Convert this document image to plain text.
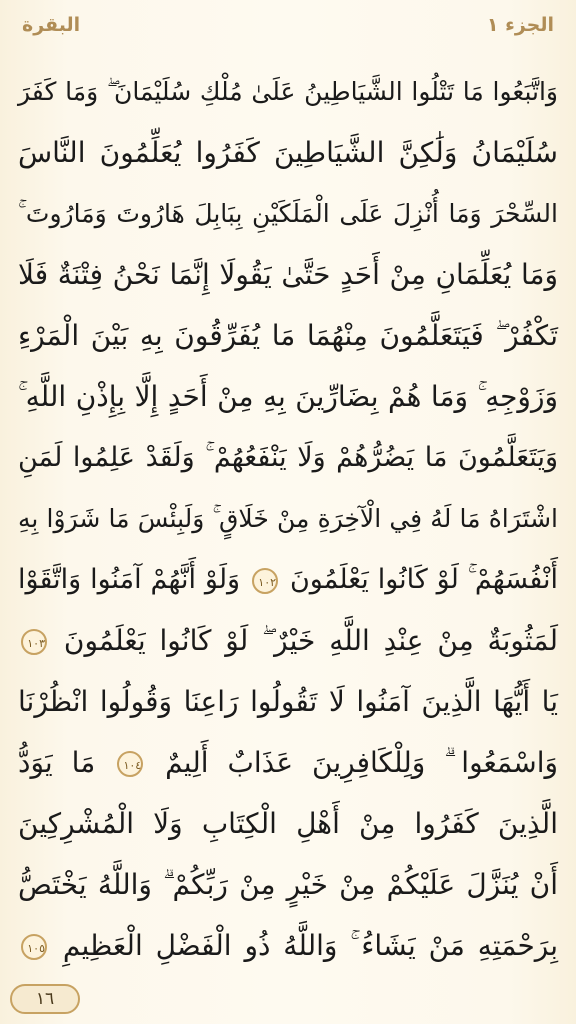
الجزء ١
البقرة
وَاتَّبَعُوا مَا تَتْلُوا الشَّيَاطِينُ عَلَىٰ مُلْكِ سُلَيْمَانَ ۖ وَمَا كَفَرَ
سُلَيْمَانُ وَلَٰكِنَّ الشَّيَاطِينَ كَفَرُوا يُعَلِّمُونَ النَّاسَ
السِّحْرَ وَمَا أُنْزِلَ عَلَى الْمَلَكَيْنِ بِبَابِلَ هَارُوتَ وَمَارُوتَ ۚ
وَمَا يُعَلِّمَانِ مِنْ أَحَدٍ حَتَّىٰ يَقُولَا إِنَّمَا نَحْنُ فِتْنَةٌ فَلَا
تَكْفُرْ ۖ فَيَتَعَلَّمُونَ مِنْهُمَا مَا يُفَرِّقُونَ بِهِ بَيْنَ الْمَرْءِ
وَزَوْجِهِ ۚ وَمَا هُمْ بِضَارِّينَ بِهِ مِنْ أَحَدٍ إِلَّا بِإِذْنِ اللَّهِ ۚ
وَيَتَعَلَّمُونَ مَا يَضُرُّهُمْ وَلَا يَنْفَعُهُمْ ۚ وَلَقَدْ عَلِمُوا لَمَنِ
اشْتَرَاهُ مَا لَهُ فِي الْآخِرَةِ مِنْ خَلَاقٍ ۚ وَلَبِئْسَ مَا شَرَوْا بِهِ
أَنْفُسَهُمْ ۚ لَوْ كَانُوا يَعْلَمُونَ ١٠٢ وَلَوْ أَنَّهُمْ آمَنُوا وَاتَّقَوْا
لَمَثُوبَةٌ مِنْ عِنْدِ اللَّهِ خَيْرٌ ۖ لَوْ كَانُوا يَعْلَمُونَ ١٠٣
يَا أَيُّهَا الَّذِينَ آمَنُوا لَا تَقُولُوا رَاعِنَا وَقُولُوا انْظُرْنَا
وَاسْمَعُوا ۗ وَلِلْكَافِرِينَ عَذَابٌ أَلِيمٌ ١٠٤ مَا يَوَدُّ
الَّذِينَ كَفَرُوا مِنْ أَهْلِ الْكِتَابِ وَلَا الْمُشْرِكِينَ
أَنْ يُنَزَّلَ عَلَيْكُمْ مِنْ خَيْرٍ مِنْ رَبِّكُمْ ۗ وَاللَّهُ يَخْتَصُّ
بِرَحْمَتِهِ مَنْ يَشَاءُ ۚ وَاللَّهُ ذُو الْفَضْلِ الْعَظِيمِ ١٠٥
١٦
